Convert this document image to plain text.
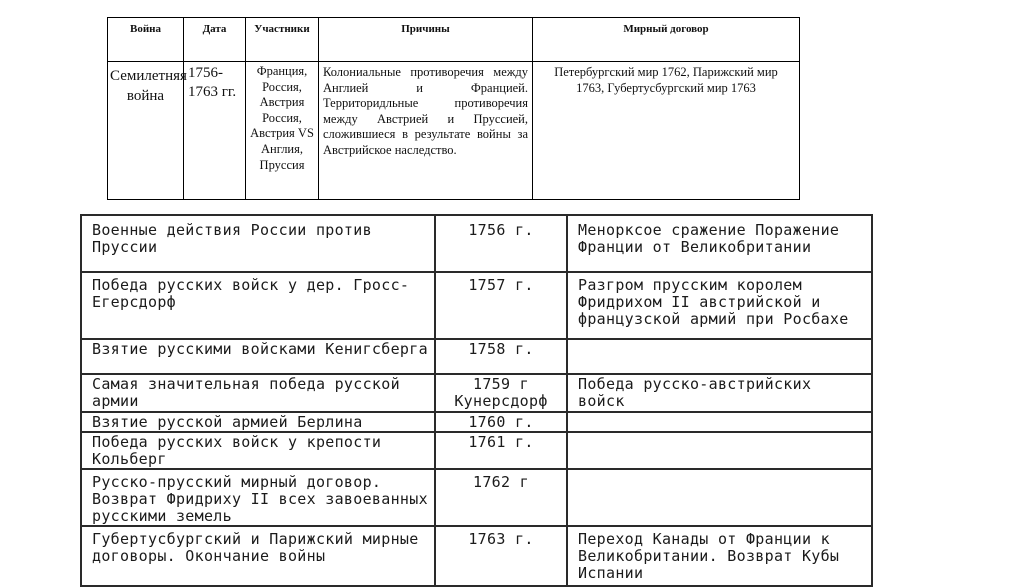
Война	Дата	Участники	Причины	Мирный договор
Семилетняя война	1756-1763 гг.	Франция, Россия, Австрия Россия, Австрия VS Англия, Пруссия	Колониальные противоречия между Англией и Францией. Территоридльные противоречия между Австрией и Пруссией, сложившиеся в результате войны за Австрийское наследство.	Петербургский мир 1762, Парижский мир 1763, Губертусбургский мир 1763
Военные действия России против Пруссии	1756 г.	Менорксое сражение Поражение Франции от Великобритании
Победа русских войск у дер. Гросс-Егерсдорф	1757 г.	Разгром прусским королем Фридрихом II австрийской и французской армий при Росбахе
Взятие русскими войсками Кенигсберга	1758 г.	
Самая значительная победа русской армии	1759 г Кунерсдорф	Победа русско-австрийских войск
Взятие русской армией Берлина	1760 г.	
Победа русских войск у крепости Кольберг	1761 г.	
Русско-прусский мирный договор. Возврат Фридриху II всех завоеванных русскими земель	1762 г	
Губертусбургский и Парижский мирные договоры. Окончание войны	1763 г.	Переход Канады от Франции к Великобритании. Возврат Кубы Испании
